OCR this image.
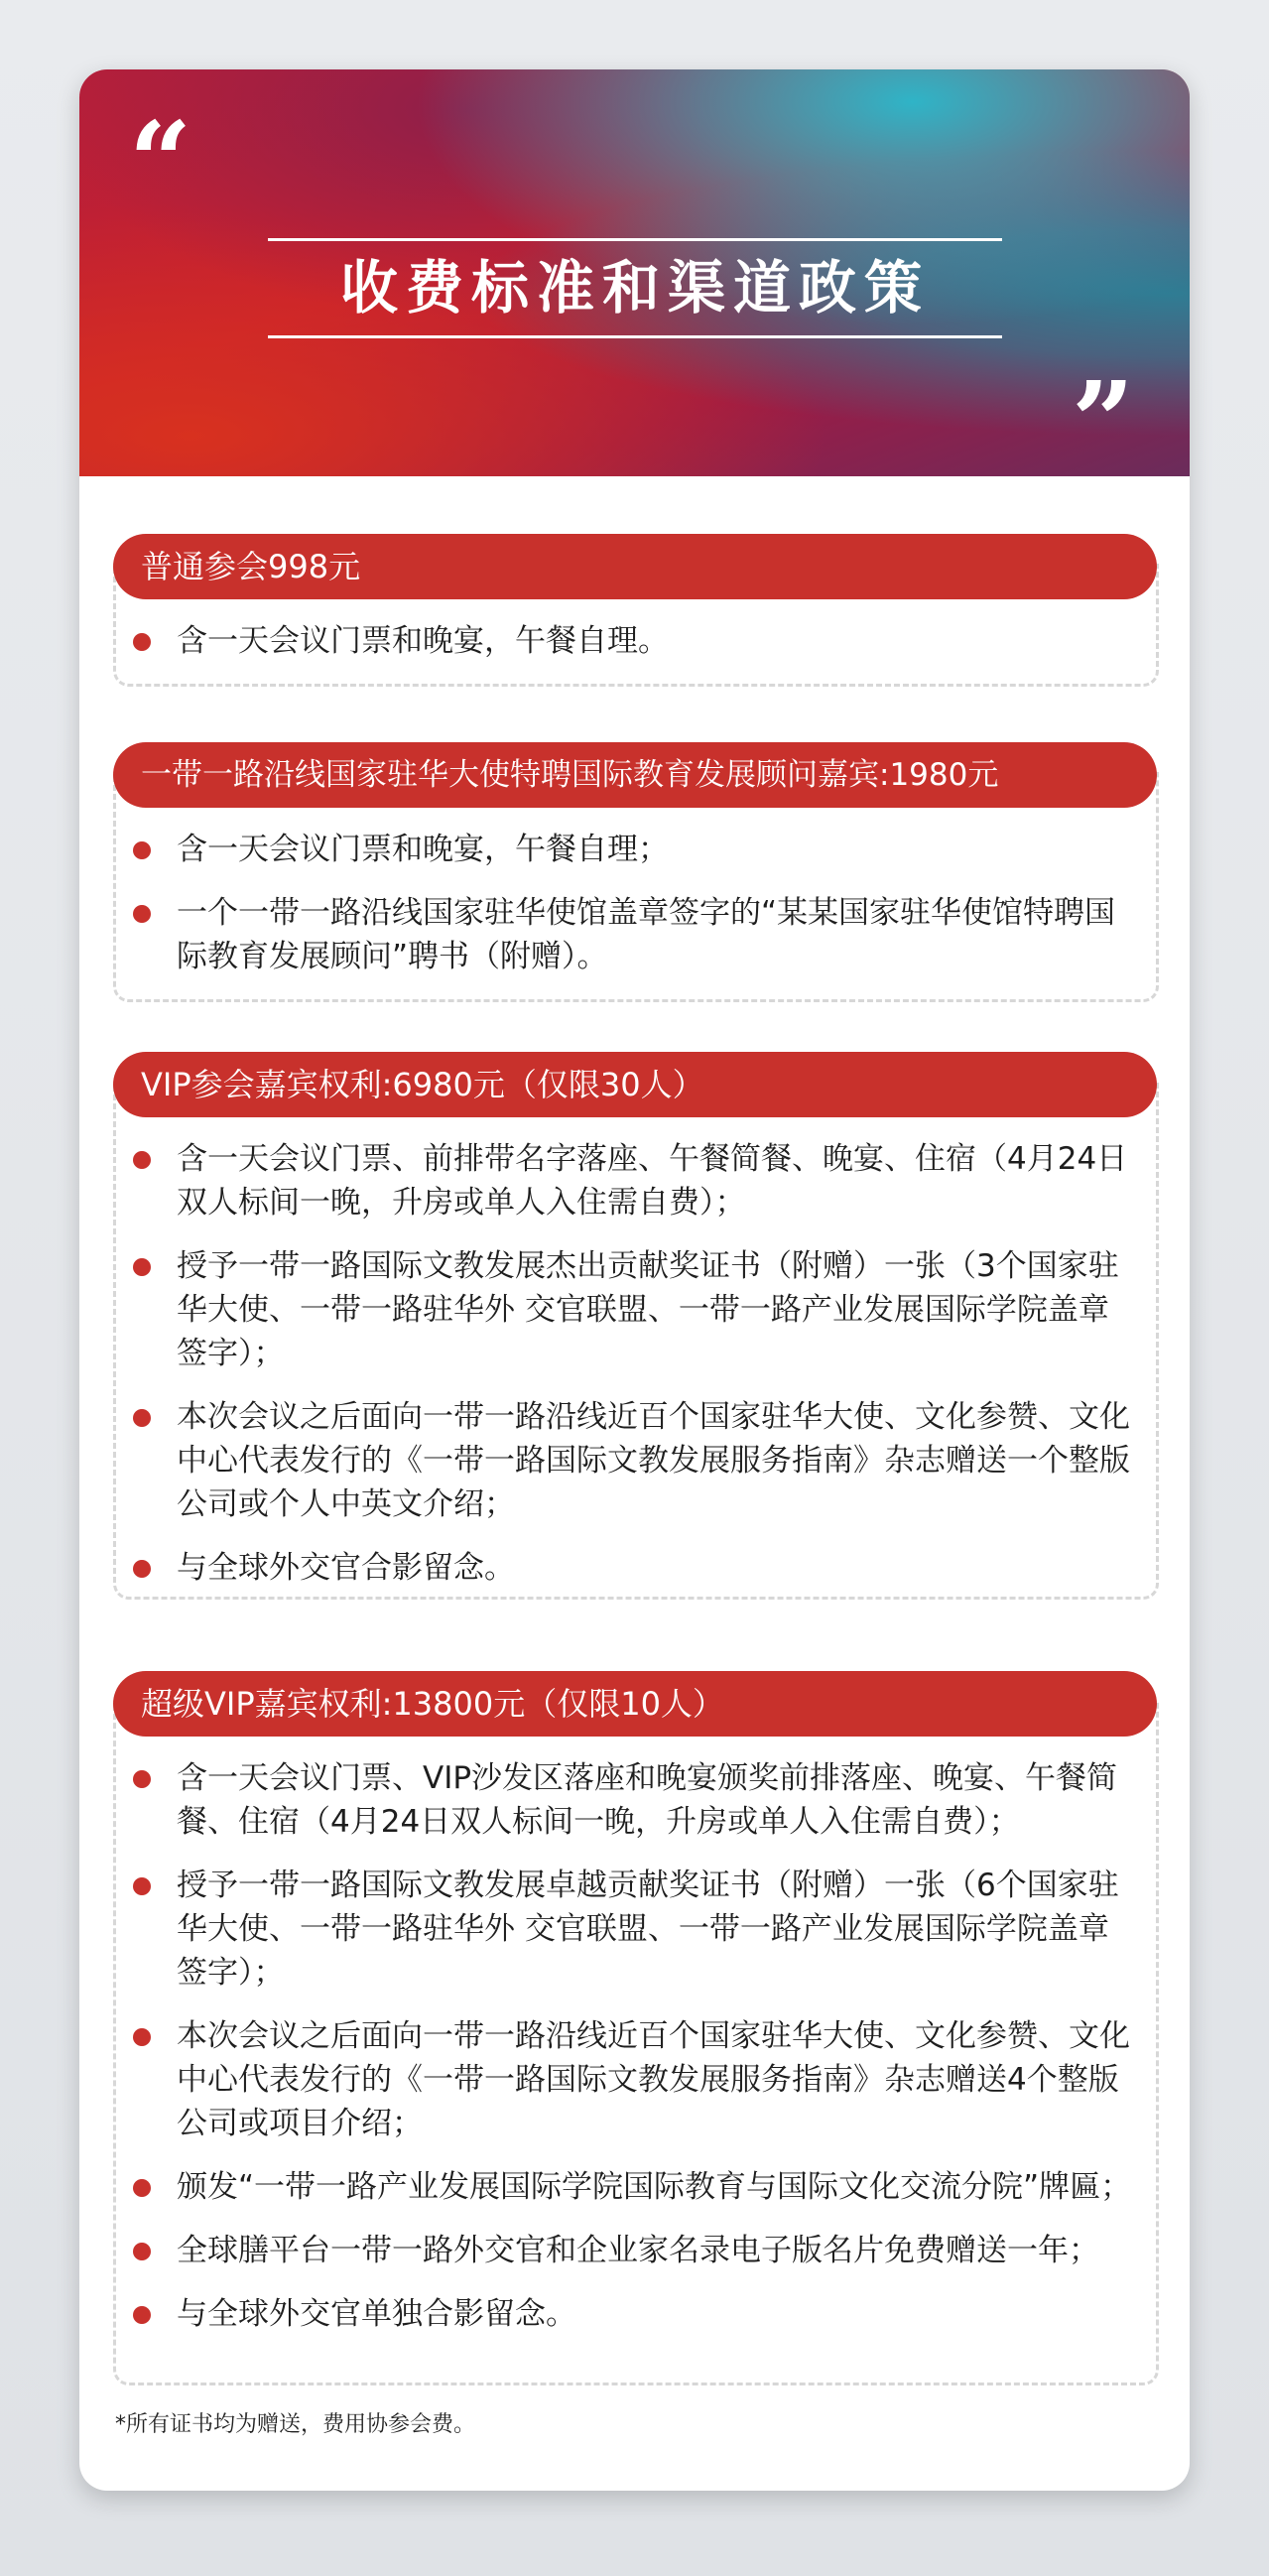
“
收费标准和渠道政策
”
普通参会998元
含一天会议门票和晚宴，午餐自理。
一带一路沿线国家驻华大使特聘国际教育发展顾问嘉宾:1980元
含一天会议门票和晚宴，午餐自理；
一个一带一路沿线国家驻华使馆盖章签字的“某某国家驻华使馆特聘国际教育发展顾问”聘书（附赠）。
VIP参会嘉宾权利:6980元（仅限30人）
含一天会议门票、前排带名字落座、午餐简餐、晚宴、住宿（4月24日双人标间一晚，升房或单人入住需自费）；
授予一带一路国际文教发展杰出贡献奖证书（附赠）一张（3个国家驻华大使、一带一路驻华外 交官联盟、一带一路产业发展国际学院盖章签字）；
本次会议之后面向一带一路沿线近百个国家驻华大使、文化参赞、文化中心代表发行的《一带一路国际文教发展服务指南》杂志赠送一个整版公司或个人中英文介绍；
与全球外交官合影留念。
超级VIP嘉宾权利:13800元（仅限10人）
含一天会议门票、VIP沙发区落座和晚宴颁奖前排落座、晚宴、午餐简餐、住宿（4月24日双人标间一晚，升房或单人入住需自费）；
授予一带一路国际文教发展卓越贡献奖证书（附赠）一张（6个国家驻华大使、一带一路驻华外 交官联盟、一带一路产业发展国际学院盖章签字）；
本次会议之后面向一带一路沿线近百个国家驻华大使、文化参赞、文化中心代表发行的《一带一路国际文教发展服务指南》杂志赠送4个整版公司或项目介绍；
颁发“一带一路产业发展国际学院国际教育与国际文化交流分院”牌匾；
全球膳平台一带一路外交官和企业家名录电子版名片免费赠送一年；
与全球外交官单独合影留念。
*所有证书均为赠送，费用协参会费。
